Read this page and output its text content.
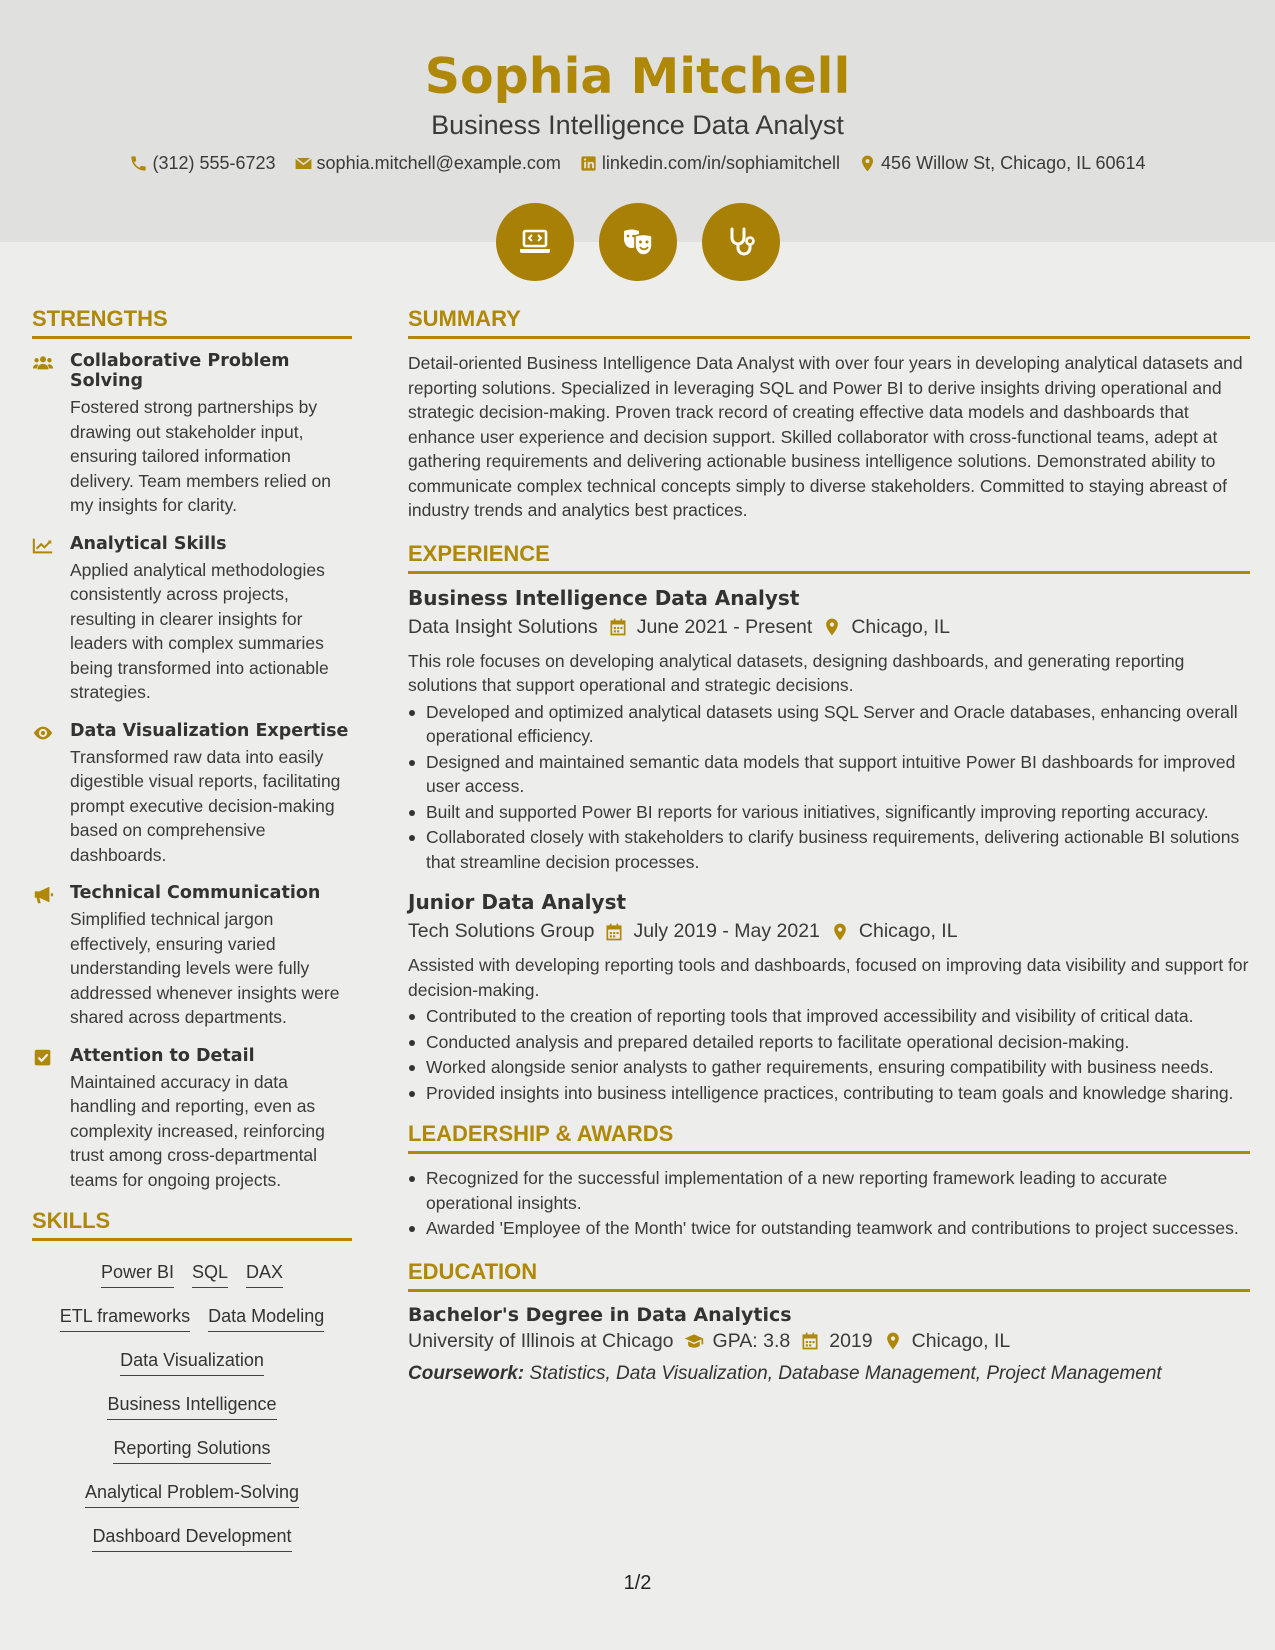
Sophia Mitchell
Business Intelligence Data Analyst
(312) 555-6723 sophia.mitchell@example.com linkedin.com/in/sophiamitchell 456 Willow St, Chicago, IL 60614
STRENGTHS
Collaborative Problem Solving

Fostered strong partnerships by drawing out stakeholder input, ensuring tailored information delivery. Team members relied on my insights for clarity.

Analytical Skills

Applied analytical methodologies consistently across projects, resulting in clearer insights for leaders with complex summaries being transformed into actionable strategies.

Data Visualization Expertise

Transformed raw data into easily digestible visual reports, facilitating prompt executive decision-making based on comprehensive dashboards.

Technical Communication

Simplified technical jargon effectively, ensuring varied understanding levels were fully addressed whenever insights were shared across departments.

Attention to Detail

Maintained accuracy in data handling and reporting, even as complexity increased, reinforcing trust among cross-departmental teams for ongoing projects.

SKILLS
Power BI SQL DAX
ETL frameworks Data Modeling
Data Visualization
Business Intelligence
Reporting Solutions
Analytical Problem-Solving
Dashboard Development
SUMMARY

Detail-oriented Business Intelligence Data Analyst with over four years in developing analytical datasets and reporting solutions. Specialized in leveraging SQL and Power BI to derive insights driving operational and strategic decision-making. Proven track record of creating effective data models and dashboards that enhance user experience and decision support. Skilled collaborator with cross-functional teams, adept at gathering requirements and delivering actionable business intelligence solutions. Demonstrated ability to communicate complex technical concepts simply to diverse stakeholders. Committed to staying abreast of industry trends and analytics best practices.

EXPERIENCE
Business Intelligence Data Analyst
Data Insight Solutions June 2021 - Present Chicago, IL

This role focuses on developing analytical datasets, designing dashboards, and generating reporting solutions that support operational and strategic decisions.

Developed and optimized analytical datasets using SQL Server and Oracle databases, enhancing overall operational efficiency.
Designed and maintained semantic data models that support intuitive Power BI dashboards for improved user access.
Built and supported Power BI reports for various initiatives, significantly improving reporting accuracy.
Collaborated closely with stakeholders to clarify business requirements, delivering actionable BI solutions that streamline decision processes.
Junior Data Analyst
Tech Solutions Group July 2019 - May 2021 Chicago, IL

Assisted with developing reporting tools and dashboards, focused on improving data visibility and support for decision-making.

Contributed to the creation of reporting tools that improved accessibility and visibility of critical data.
Conducted analysis and prepared detailed reports to facilitate operational decision-making.
Worked alongside senior analysts to gather requirements, ensuring compatibility with business needs.
Provided insights into business intelligence practices, contributing to team goals and knowledge sharing.
LEADERSHIP & AWARDS
Recognized for the successful implementation of a new reporting framework leading to accurate operational insights.
Awarded 'Employee of the Month' twice for outstanding teamwork and contributions to project successes.
EDUCATION
Bachelor's Degree in Data Analytics
University of Illinois at Chicago GPA: 3.8 2019 Chicago, IL

Coursework: Statistics, Data Visualization, Database Management, Project Management

1/2
